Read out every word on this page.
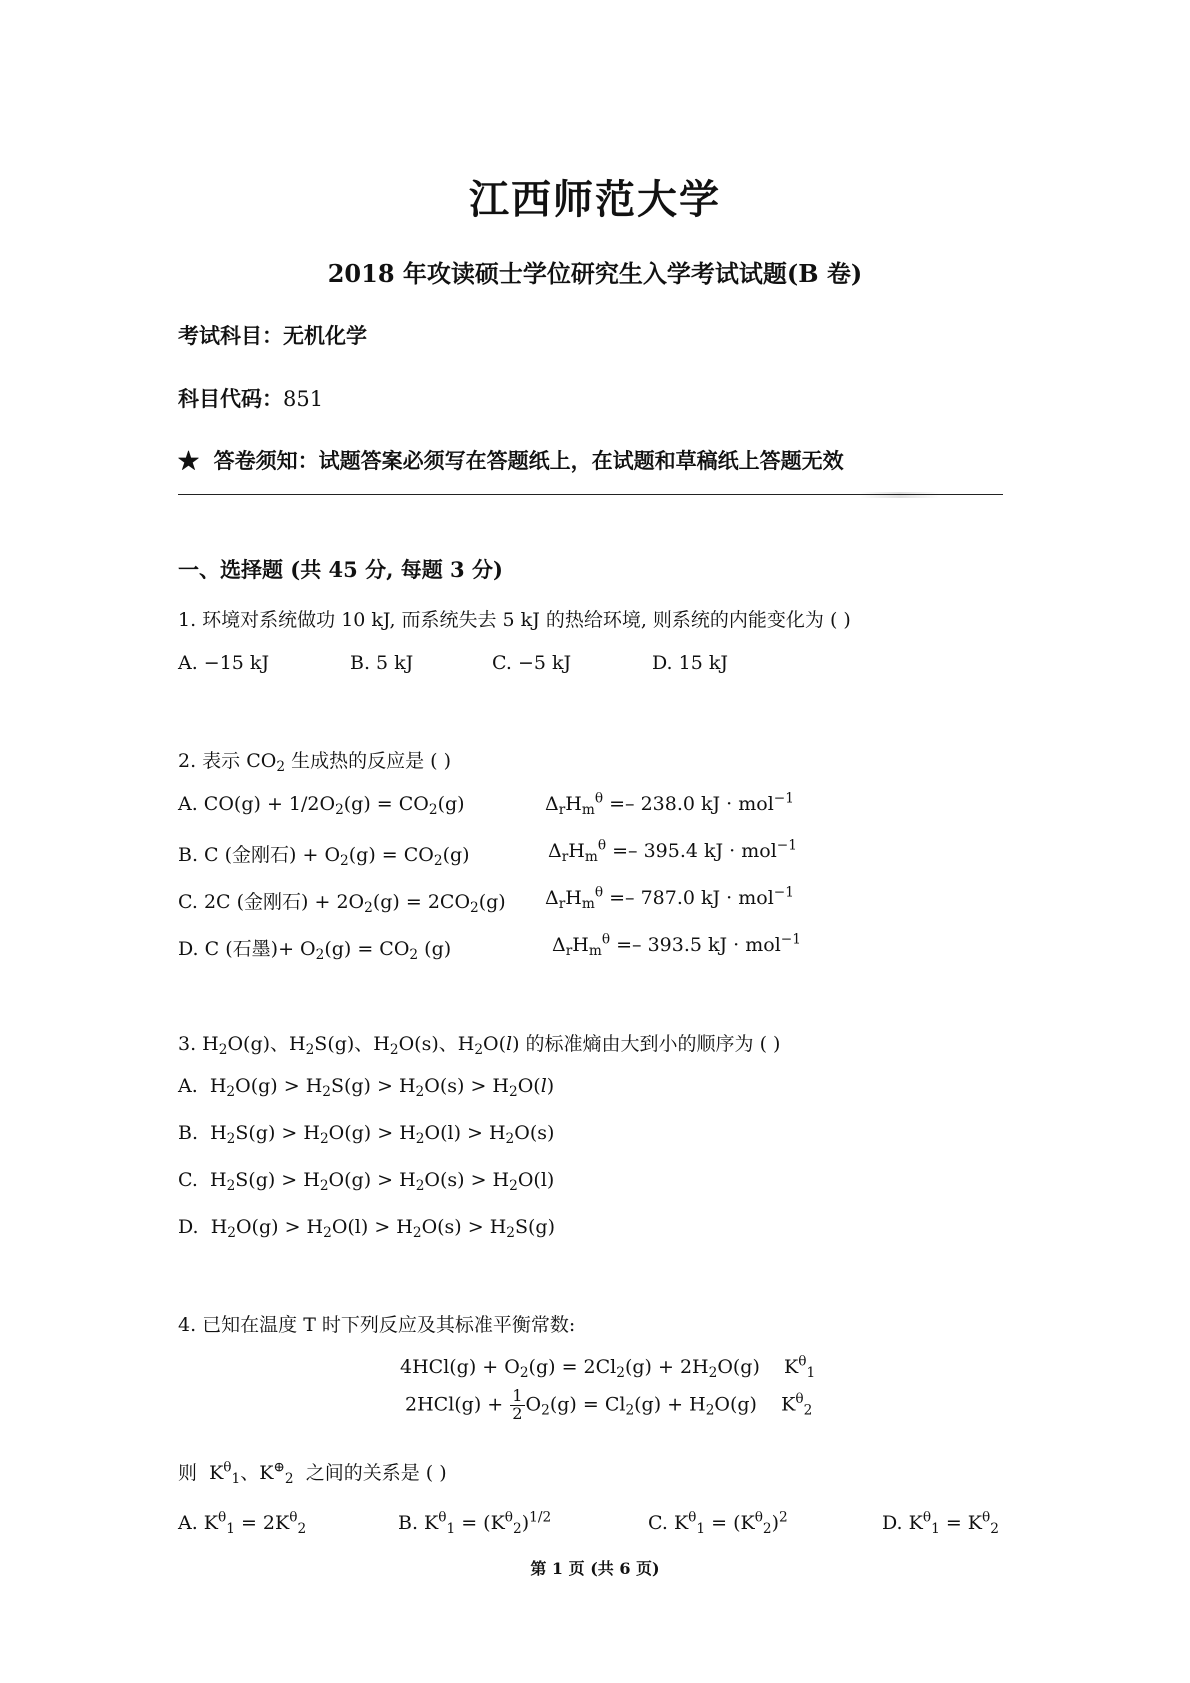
江西师范大学
2018 年攻读硕士学位研究生入学考试试题(B 卷)
考试科目：无机化学
科目代码：851
★ 答卷须知：试题答案必须写在答题纸上，在试题和草稿纸上答题无效
一、选择题 (共 45 分, 每题 3 分)
1. 环境对系统做功 10 kJ, 而系统失去 5 kJ 的热给环境, 则系统的内能变化为 ( )
A. −15 kJ	B. 5 kJ	C. −5 kJ	D. 15 kJ
2. 表示 $CO_2$ 生成热的反应是 ( )
A. $CO(g) + 1/2O_2(g) = CO_2(g)$	$\Delta_rH_m^\theta =- 238.0$ kJ · mol$^{-1}$
B. C (金刚石) + $O_2(g) = CO_2(g)$	$\Delta_rH_m^\theta =- 395.4$ kJ · mol$^{-1}$
C. 2C (金刚石) + $2O_2(g) = 2CO_2(g) \Delta_rH_m^\theta =- 787.0$ kJ · mol$^{-1}$
D. C (石墨)+ $O_2(g) = CO_2$ (g)	$\Delta_rH_m^\theta =- 393.5$ kJ · mol$^{-1}$
3. $H_2O(g)$、$H_2S(g)$、$H_2O(s)$、$H_2O(l)$ 的标准熵由大到小的顺序为 ( )
A.  $H_2O(g) > H_2S(g) > H_2O(s) > H_2O(l)$
B.  $H_2S(g) > H_2O(g) > H_2O(l) > H_2O(s)$
C.  $H_2S(g) > H_2O(g) > H_2O(s) > H_2O(l)$
D.  $H_2O(g) > H_2O(l) > H_2O(s) > H_2S(g)$
4. 已知在温度 T 时下列反应及其标准平衡常数:
$4HCl(g) + O_2(g) = 2Cl_2(g) + 2H_2O(g)$    $K^\theta_1$
$2HCl(g) + \frac{1}{2} O_2(g) = Cl_2(g) + H_2O(g)$    $K^\theta_2$
则  $K^\theta_1$、$K^\oplus_2$ 之间的关系是 ( )
A. $K^\theta_1 = 2K^\theta_2$	B. $K^\theta_1 = (K^\theta_2)^{1/2}$	C. $K^\theta_1 = (K^\theta_2)^2$	D. $K^\theta_1 = K^\theta_2$
第 1 页 (共 6 页)
